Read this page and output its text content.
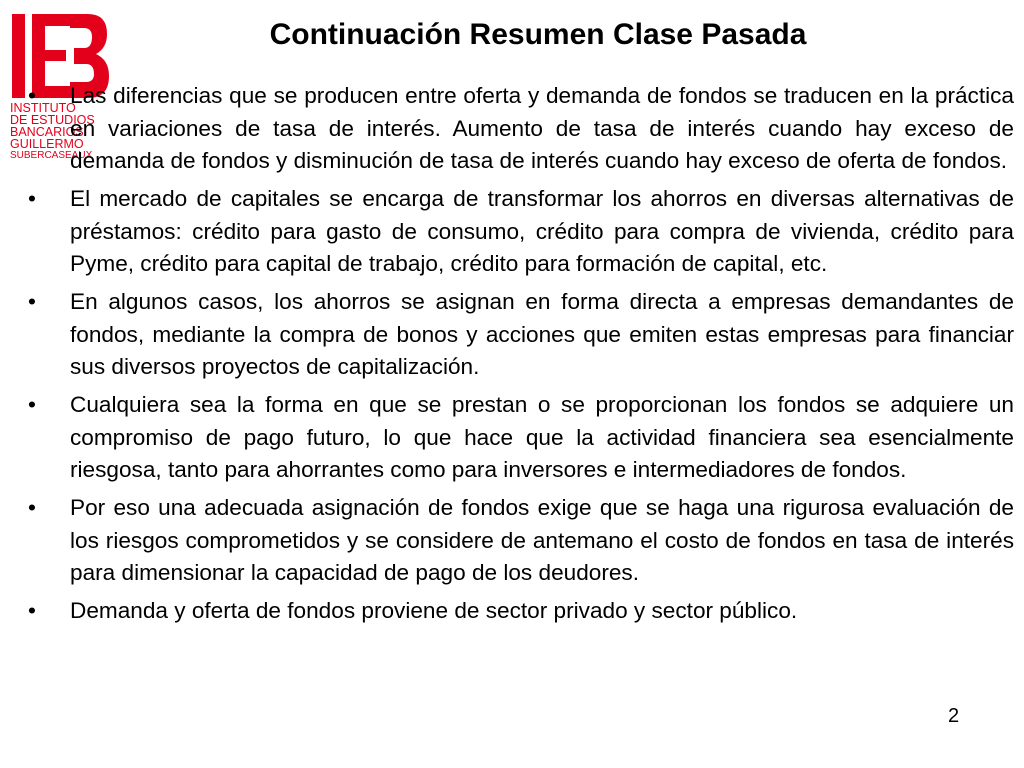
INSTITUTO
DE ESTUDIOS
BANCARIOS
GUILLERMO
SUBERCASEAUX
Continuación Resumen Clase Pasada
• Las diferencias que se producen entre oferta y demanda de fondos se traducen en la práctica en variaciones de tasa de interés. Aumento de tasa de interés cuando hay exceso de demanda de fondos y disminución de tasa de interés cuando hay exceso de oferta de fondos.
• El mercado de capitales se encarga de transformar los ahorros en diversas alternativas de préstamos: crédito para gasto de consumo, crédito para compra de vivienda, crédito para Pyme, crédito para capital de trabajo, crédito para formación de capital, etc.
• En algunos casos, los ahorros se asignan en forma directa a empresas demandantes de fondos, mediante la compra de bonos y acciones que emiten estas empresas para financiar sus diversos proyectos de capitalización.
• Cualquiera sea la forma en que se prestan o se proporcionan los fondos se adquiere un compromiso de pago futuro, lo que hace que la actividad financiera sea esencialmente riesgosa, tanto para ahorrantes como para inversores e intermediadores de fondos.
• Por eso una adecuada asignación de fondos exige que se haga una rigurosa evaluación de los riesgos comprometidos y se considere de antemano el costo de fondos en tasa de interés para dimensionar la capacidad de pago de los deudores.
• Demanda y oferta de fondos proviene de sector privado y sector público.
2
